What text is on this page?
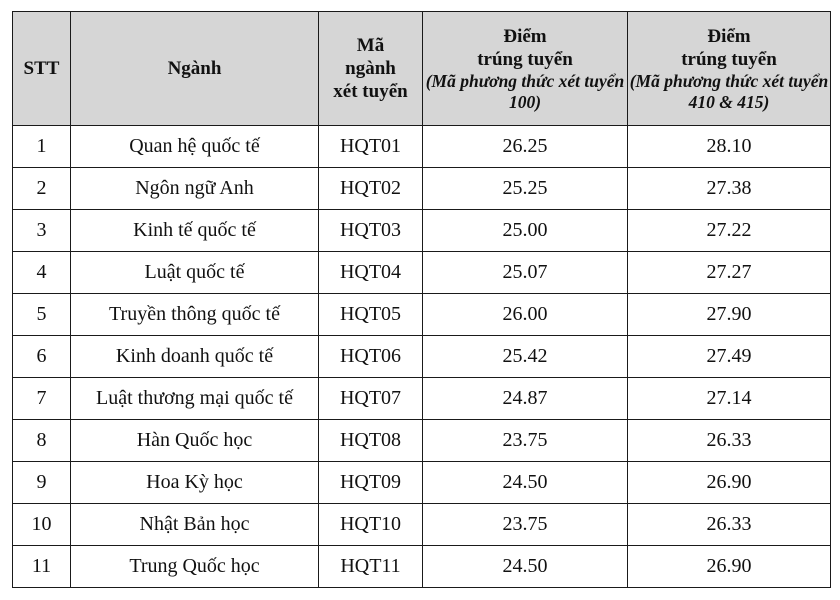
STT	Ngành	Mã
ngành
xét tuyển	Điểm
trúng tuyển
(Mã phương thức xét tuyển 100)	Điểm
trúng tuyển
(Mã phương thức xét tuyển 410 & 415)

1	Quan hệ quốc tế	HQT01	26.25	28.10
2	Ngôn ngữ Anh	HQT02	25.25	27.38
3	Kinh tế quốc tế	HQT03	25.00	27.22
4	Luật quốc tế	HQT04	25.07	27.27
5	Truyền thông quốc tế	HQT05	26.00	27.90
6	Kinh doanh quốc tế	HQT06	25.42	27.49
7	Luật thương mại quốc tế	HQT07	24.87	27.14
8	Hàn Quốc học	HQT08	23.75	26.33
9	Hoa Kỳ học	HQT09	24.50	26.90
10	Nhật Bản học	HQT10	23.75	26.33
11	Trung Quốc học	HQT11	24.50	26.90
